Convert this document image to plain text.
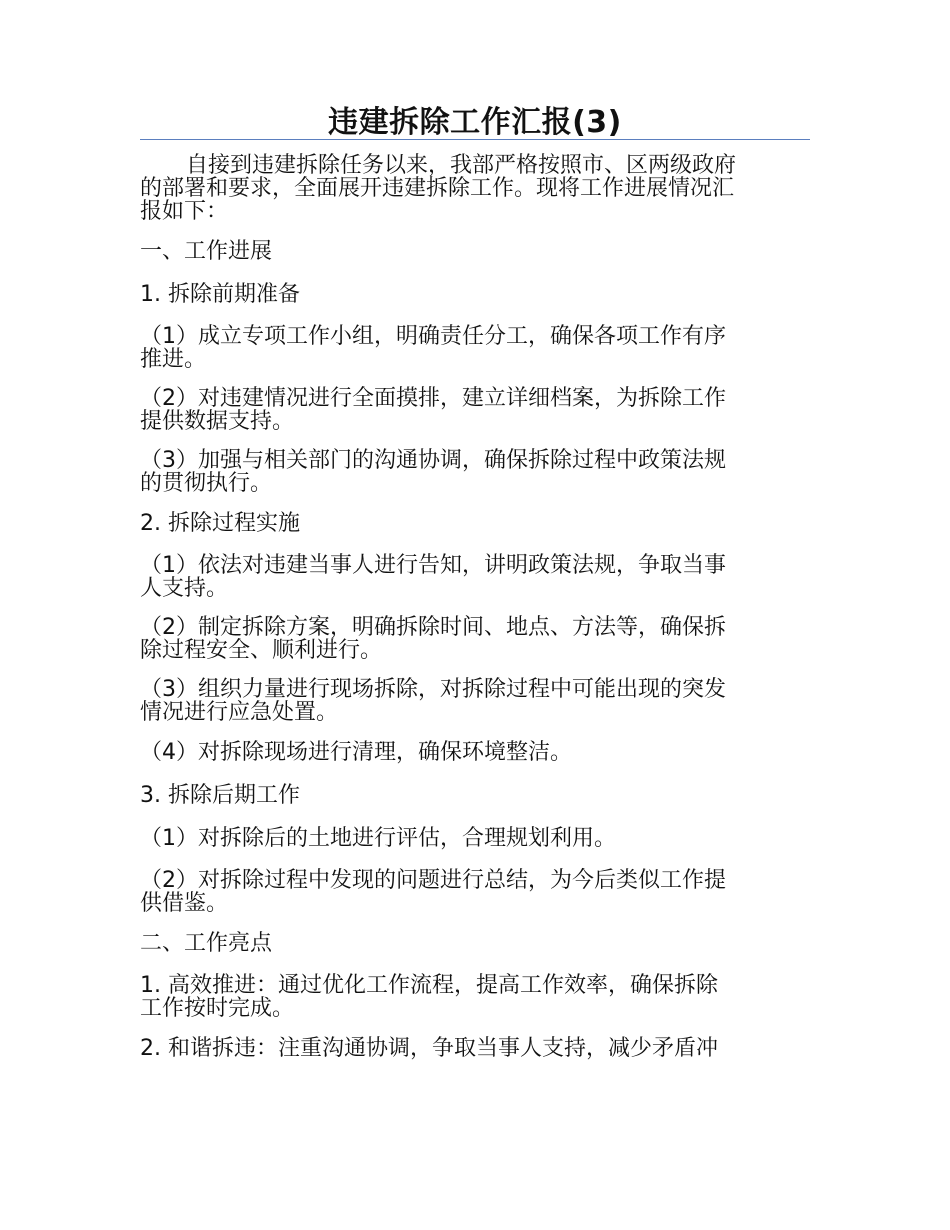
违建拆除工作汇报(3)

自接到违建拆除任务以来，我部严格按照市、区两级政府
的部署和要求，全面展开违建拆除工作。现将工作进展情况汇
报如下：

一、工作进展

1. 拆除前期准备

（1）成立专项工作小组，明确责任分工，确保各项工作有序
推进。

（2）对违建情况进行全面摸排，建立详细档案，为拆除工作
提供数据支持。

（3）加强与相关部门的沟通协调，确保拆除过程中政策法规
的贯彻执行。

2. 拆除过程实施

（1）依法对违建当事人进行告知，讲明政策法规，争取当事
人支持。

（2）制定拆除方案，明确拆除时间、地点、方法等，确保拆
除过程安全、顺利进行。

（3）组织力量进行现场拆除，对拆除过程中可能出现的突发
情况进行应急处置。

（4）对拆除现场进行清理，确保环境整洁。

3. 拆除后期工作

（1）对拆除后的土地进行评估，合理规划利用。

（2）对拆除过程中发现的问题进行总结，为今后类似工作提
供借鉴。

二、工作亮点

1. 高效推进：通过优化工作流程，提高工作效率，确保拆除
工作按时完成。

2. 和谐拆违：注重沟通协调，争取当事人支持，减少矛盾冲
